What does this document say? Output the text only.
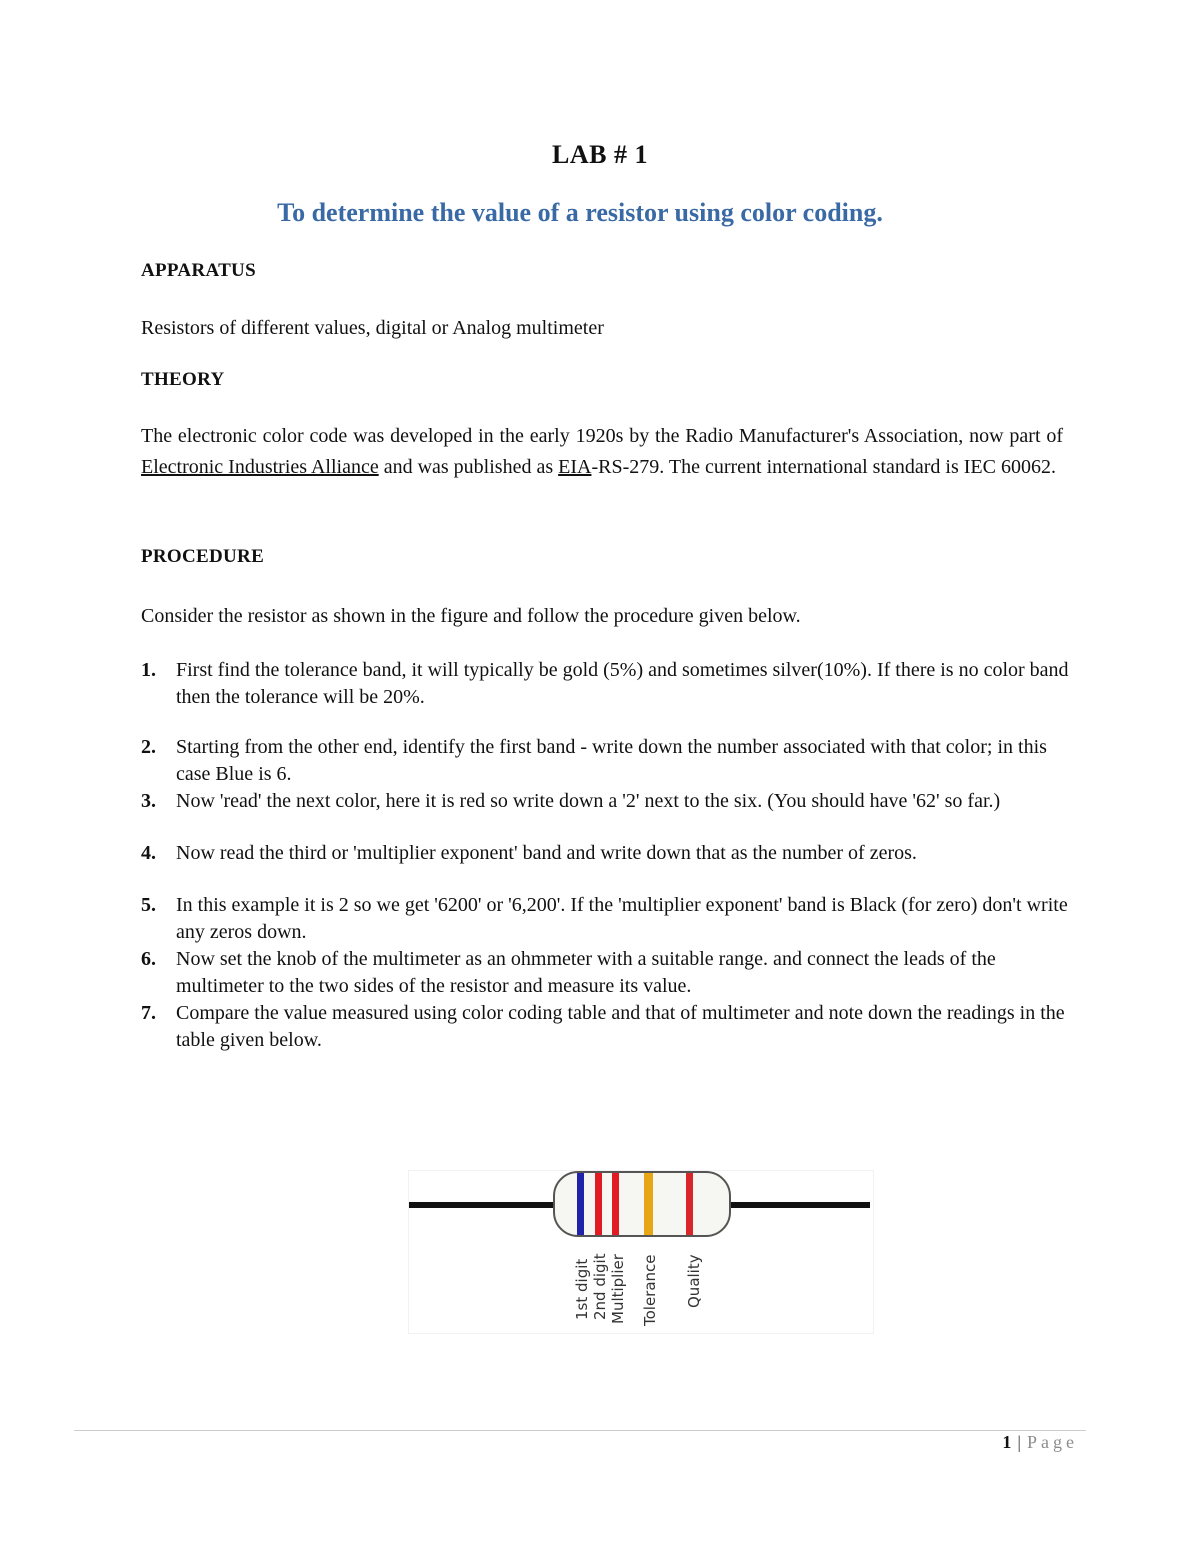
LAB # 1
To determine the value of a resistor using color coding.
APPARATUS
Resistors of different values, digital or Analog multimeter
THEORY
The electronic color code was developed in the early 1920s by the Radio Manufacturer's Association, now part of Electronic Industries Alliance and was published as EIA-RS-279. The current international standard is IEC 60062.
PROCEDURE
Consider the resistor as shown in the figure and follow the procedure given below.
1. First find the tolerance band, it will typically be gold (5%) and sometimes silver(10%). If there is no color band then the tolerance will be 20%.
2. Starting from the other end, identify the first band - write down the number associated with that color; in this case Blue is 6.
3. Now 'read' the next color, here it is red so write down a '2' next to the six. (You should have '62' so far.)
4. Now read the third or 'multiplier exponent' band and write down that as the number of zeros.
5. In this example it is 2 so we get '6200' or '6,200'. If the 'multiplier exponent' band is Black (for zero) don't write any zeros down.
6. Now set the knob of the multimeter as an ohmmeter with a suitable range. and connect the leads of the multimeter to the two sides of the resistor and measure its value.
7. Compare the value measured using color coding table and that of multimeter and note down the readings in the table given below.
1st digit 2nd digit Multiplier Tolerance Quality
1 | Page
